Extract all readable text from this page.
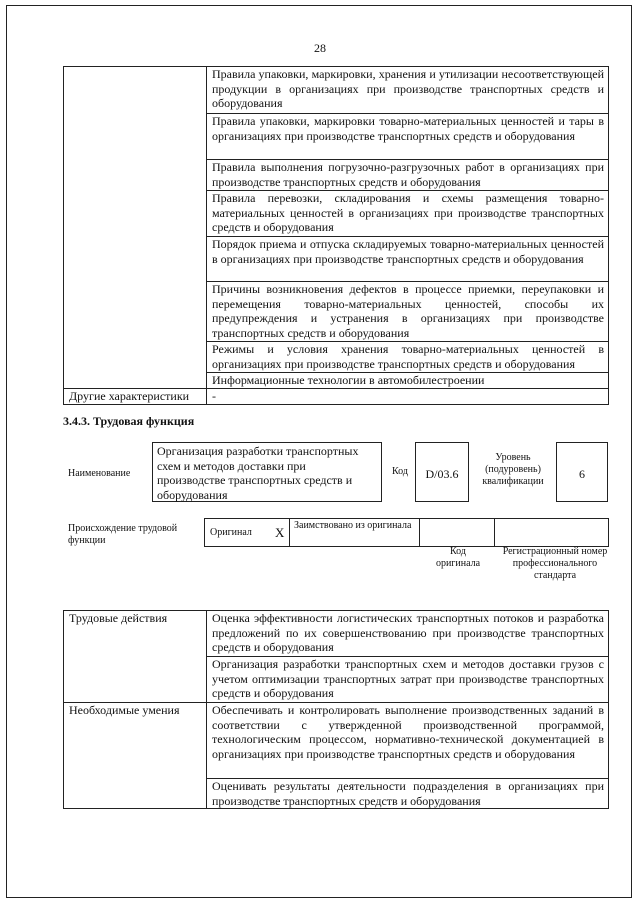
28
	Правила упаковки, маркировки, хранения и утилизации несоответствующей продукции в организациях при производстве транспортных средств и оборудования
	Правила упаковки, маркировки товарно-материальных ценностей и тары в организациях при производстве транспортных средств и оборудования
	Правила выполнения погрузочно-разгрузочных работ в организациях при производстве транспортных средств и оборудования
	Правила перевозки, складирования и схемы размещения товарно-материальных ценностей в организациях при производстве транспортных средств и оборудования
	Порядок приема и отпуска складируемых товарно-материальных ценностей в организациях при производстве транспортных средств и оборудования
	Причины возникновения дефектов в процессе приемки, переупаковки и перемещения товарно-материальных ценностей, способы их предупреждения и устранения в организациях при производстве транспортных средств и оборудования
	Режимы и условия хранения товарно-материальных ценностей в организациях при производстве транспортных средств и оборудования
	Информационные технологии в автомобилестроении
Другие характеристики	-
3.4.3. Трудовая функция
Наименование
Организация разработки транспортных схем и методов доставки при производстве транспортных средств и оборудования
Код	D/03.6
Уровень (подуровень) квалификации
6
Происхождение трудовой функции
Оригинал X Заимствовано из оригинала
Код оригинала
Регистрационный номер профессионального стандарта
Трудовые действия	Оценка эффективности логистических транспортных потоков и разработка предложений по их совершенствованию при производстве транспортных средств и оборудования
	Организация разработки транспортных схем и методов доставки грузов с учетом оптимизации транспортных затрат при производстве транспортных средств и оборудования
Необходимые умения	Обеспечивать и контролировать выполнение производственных заданий в соответствии с утвержденной производственной программой, технологическим процессом, нормативно-технической документацией в организациях при производстве транспортных средств и оборудования
	Оценивать результаты деятельности подразделения в организациях при производстве транспортных средств и оборудования
